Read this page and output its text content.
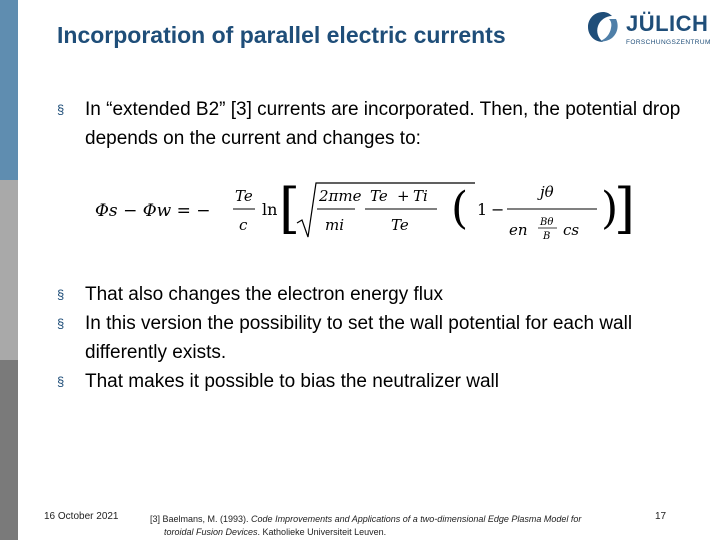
Incorporation of parallel electric currents	JÜLICH
FORSCHUNGSZENTRUM
§ In “extended B2” [3] currents are incorporated. Then, the potential drop depends on the current and changes to:
Φs − Φw = −
Te
c
ln [ 2πme
mi
Te + Ti
Te ( 1 −
jθ
en Bθ
B cs )
]
§ That also changes the electron energy flux
§ In this version the possibility to set the wall potential for each wall differently exists.
§ That makes it possible to bias the neutralizer wall
16 October 2021	[3] Baelmans, M. (1993). Code Improvements and Applications of a two-dimensional Edge Plasma Model for
toroidal Fusion Devices. Katholieke Universiteit Leuven.
17
